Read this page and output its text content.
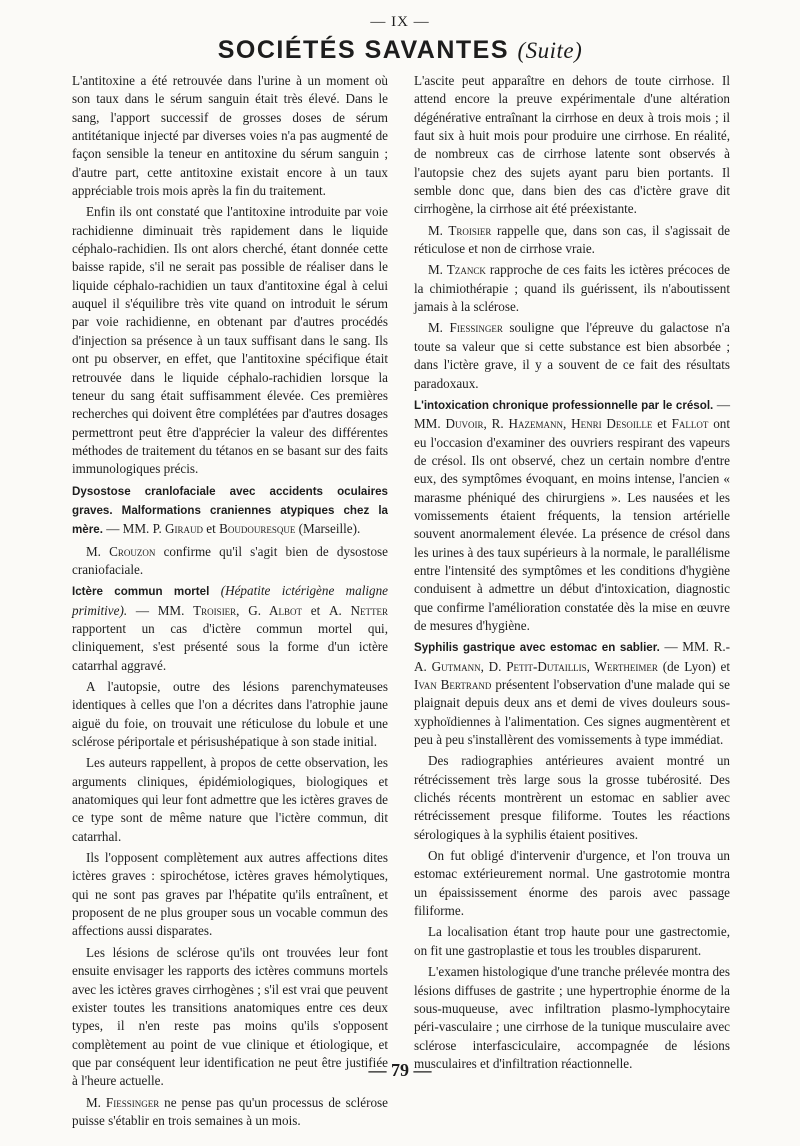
— IX —
SOCIÉTÉS SAVANTES (Suite)

L'antitoxine a été retrouvée dans l'urine à un moment où son taux dans le sérum sanguin était très élevé. Dans le sang, l'apport successif de grosses doses de sérum antitétanique injecté par diverses voies n'a pas augmenté de façon sensible la teneur en antitoxine du sérum sanguin ; d'autre part, cette antitoxine existait encore à un taux appréciable trois mois après la fin du traitement.

Enfin ils ont constaté que l'antitoxine introduite par voie rachidienne diminuait très rapidement dans le liquide céphalo-rachidien. Ils ont alors cherché, étant donnée cette baisse rapide, s'il ne serait pas possible de réaliser dans le liquide céphalo-rachidien un taux d'antitoxine égal à celui auquel il s'équilibre très vite quand on introduit le sérum par voie rachidienne, en obtenant par d'autres procédés d'injection sa présence à un taux suffisant dans le sang. Ils ont pu observer, en effet, que l'antitoxine spécifique était retrouvée dans le liquide céphalo-rachidien lorsque la teneur du sang était suffisamment élevée. Ces premières recherches qui doivent être complétées par d'autres dosages permettront peut être d'apprécier la valeur des différentes méthodes de traitement du tétanos en se basant sur des faits immunologiques précis.

Dysostose cranlofaciale avec accidents oculaires graves. Malformations craniennes atypiques chez la mère. — MM. P. Giraud et Boudouresque (Marseille).

M. Crouzon confirme qu'il s'agit bien de dysostose craniofaciale.

Ictère commun mortel (Hépatite ictérigène maligne primitive). — MM. Troisier, G. Albot et A. Netter rapportent un cas d'ictère commun mortel qui, cliniquement, s'est présenté sous la forme d'un ictère catarrhal aggravé.

A l'autopsie, outre des lésions parenchymateuses identiques à celles que l'on a décrites dans l'atrophie jaune aiguë du foie, on trouvait une réticulose du lobule et une sclérose périportale et périsushépatique à son stade initial.

Les auteurs rappellent, à propos de cette observation, les arguments cliniques, épidémiologiques, biologiques et anatomiques qui leur font admettre que les ictères graves de ce type sont de même nature que l'ictère commun, dit catarrhal.

Ils l'opposent complètement aux autres affections dites ictères graves : spirochétose, ictères graves hémolytiques, qui ne sont pas graves par l'hépatite qu'ils entraînent, et proposent de ne plus grouper sous un vocable commun des affections aussi disparates.

Les lésions de sclérose qu'ils ont trouvées leur font ensuite envisager les rapports des ictères communs mortels avec les ictères graves cirrhogènes ; s'il est vrai que peuvent exister toutes les transitions anatomiques entre ces deux types, il n'en reste pas moins qu'ils s'opposent complètement au point de vue clinique et étiologique, et que par conséquent leur identification ne peut être justifiée à l'heure actuelle.

M. Fiessinger ne pense pas qu'un processus de sclérose puisse s'établir en trois semaines à un mois.

L'ascite peut apparaître en dehors de toute cirrhose. Il attend encore la preuve expérimentale d'une altération dégénérative entraînant la cirrhose en deux à trois mois ; il faut six à huit mois pour produire une cirrhose. En réalité, de nombreux cas de cirrhose latente sont observés à l'autopsie chez des sujets ayant paru bien portants. Il semble donc que, dans bien des cas d'ictère grave dit cirrhogène, la cirrhose ait été préexistante.

M. Troisier rappelle que, dans son cas, il s'agissait de réticulose et non de cirrhose vraie.

M. Tzanck rapproche de ces faits les ictères précoces de la chimiothérapie ; quand ils guérissent, ils n'aboutissent jamais à la sclérose.

M. Fiessinger souligne que l'épreuve du galactose n'a toute sa valeur que si cette substance est bien absorbée ; dans l'ictère grave, il y a souvent de ce fait des résultats paradoxaux.

L'intoxication chronique professionnelle par le crésol. — MM. Duvoir, R. Hazemann, Henri Desoille et Fallot ont eu l'occasion d'examiner des ouvriers respirant des vapeurs de crésol. Ils ont observé, chez un certain nombre d'entre eux, des symptômes évoquant, en moins intense, l'ancien « marasme phéniqué des chirurgiens ». Les nausées et les vomissements étaient fréquents, la tension artérielle souvent anormalement élevée. La présence de crésol dans les urines à des taux supérieurs à la normale, le parallélisme entre l'intensité des symptômes et les conditions d'hygiène conduisent à admettre un début d'intoxication, diagnostic que confirme l'amélioration constatée dès la mise en œuvre de mesures d'hygiène.

Syphilis gastrique avec estomac en sablier. — MM. R.-A. Gutmann, D. Petit-Dutaillis, Wertheimer (de Lyon) et Ivan Bertrand présentent l'observation d'une malade qui se plaignait depuis deux ans et demi de vives douleurs sous-xyphoïdiennes à l'alimentation. Ces signes augmentèrent et peu à peu s'installèrent des vomissements à type immédiat.

Des radiographies antérieures avaient montré un rétrécissement très large sous la grosse tubérosité. Des clichés récents montrèrent un estomac en sablier avec rétrécissement presque filiforme. Toutes les réactions sérologiques à la syphilis étaient positives.

On fut obligé d'intervenir d'urgence, et l'on trouva un estomac extérieurement normal. Une gastrotomie montra un épaississement énorme des parois avec passage filiforme.

La localisation étant trop haute pour une gastrectomie, on fit une gastroplastie et tous les troubles disparurent.

L'examen histologique d'une tranche prélevée montra des lésions diffuses de gastrite ; une hypertrophie énorme de la sous-muqueuse, avec infiltration plasmo-lymphocytaire péri-vasculaire ; une cirrhose de la tunique musculaire avec sclérose interfasciculaire, accompagnée de lésions musculaires et d'infiltration réactionnelle.

— 79 —
